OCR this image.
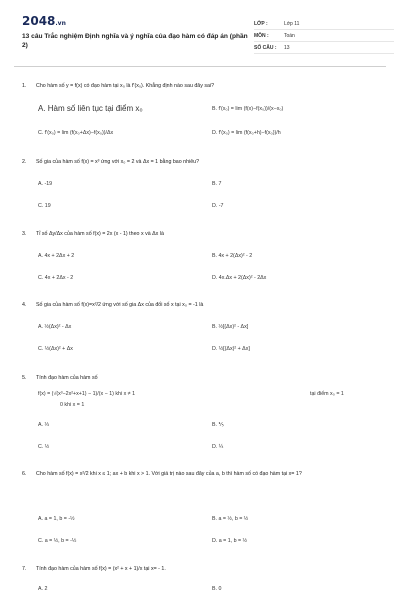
2048.vn
13 câu Trắc nghiệm Định nghĩa và ý nghĩa của đạo hàm có đáp án (phần 2)
LỚP :	Lớp 11
MÔN :	Toán
SỐ CÂU :	13
1.	Cho hàm số y = f(x) có đạo hàm tại x₀ là f'(x₀). Khẳng định nào sau đây sai?
A. Hàm số liên tục tại điểm x₀	B. f'(x₀) = lim (f(x)−f(x₀))/(x−x₀)
C. f'(x₀) = lim (f(x₀+Δx)−f(x₀))/Δx	D. f'(x₀) = lim (f(x₀+h)−f(x₀))/h
2.	Số gia của hàm số f(x) = x³ ứng với x₀ = 2 và Δx = 1 bằng bao nhiêu?
A. -19	B. 7
C. 19	D. -7
3.	Tỉ số Δy/Δx của hàm số f(x) = 2x (x - 1) theo x và Δx là
A. 4x + 2Δx + 2	B. 4x + 2(Δx)² - 2
C. 4x + 2Δx - 2	D. 4x.Δx + 2(Δx)² - 2Δx
4.	Số gia của hàm số f(x)=x²/2 ứng với số gia Δx của đối số x tại x₀ = -1 là
A. ½(Δx)² - Δx	B. ½[(Δx)² - Δx]
C. ½(Δx)² + Δx	D. ½[(Δx)² + Δx]
5.	Tính đạo hàm của hàm số
f(x) = (√(x³−2x²+x+1) − 1)/(x − 1) khi x ≠ 1
0 khi x = 1
tại điểm x₀ = 1
A. ⅓	B. ⅕
C. ½	D. ¼
6.	Cho hàm số f(x) = x²/2 khi x ≤ 1; ax + b khi x > 1. Với giá trị nào sau đây của a, b thì hàm số có đạo hàm tại x= 1?
A. a = 1, b = -½	B. a = ½, b = ½
C. a = ½, b = -½	D. a = 1, b = ½
7.	Tính đạo hàm của hàm số f(x) = (x² + x + 1)/x tại x= - 1.
A. 2	B. 0
